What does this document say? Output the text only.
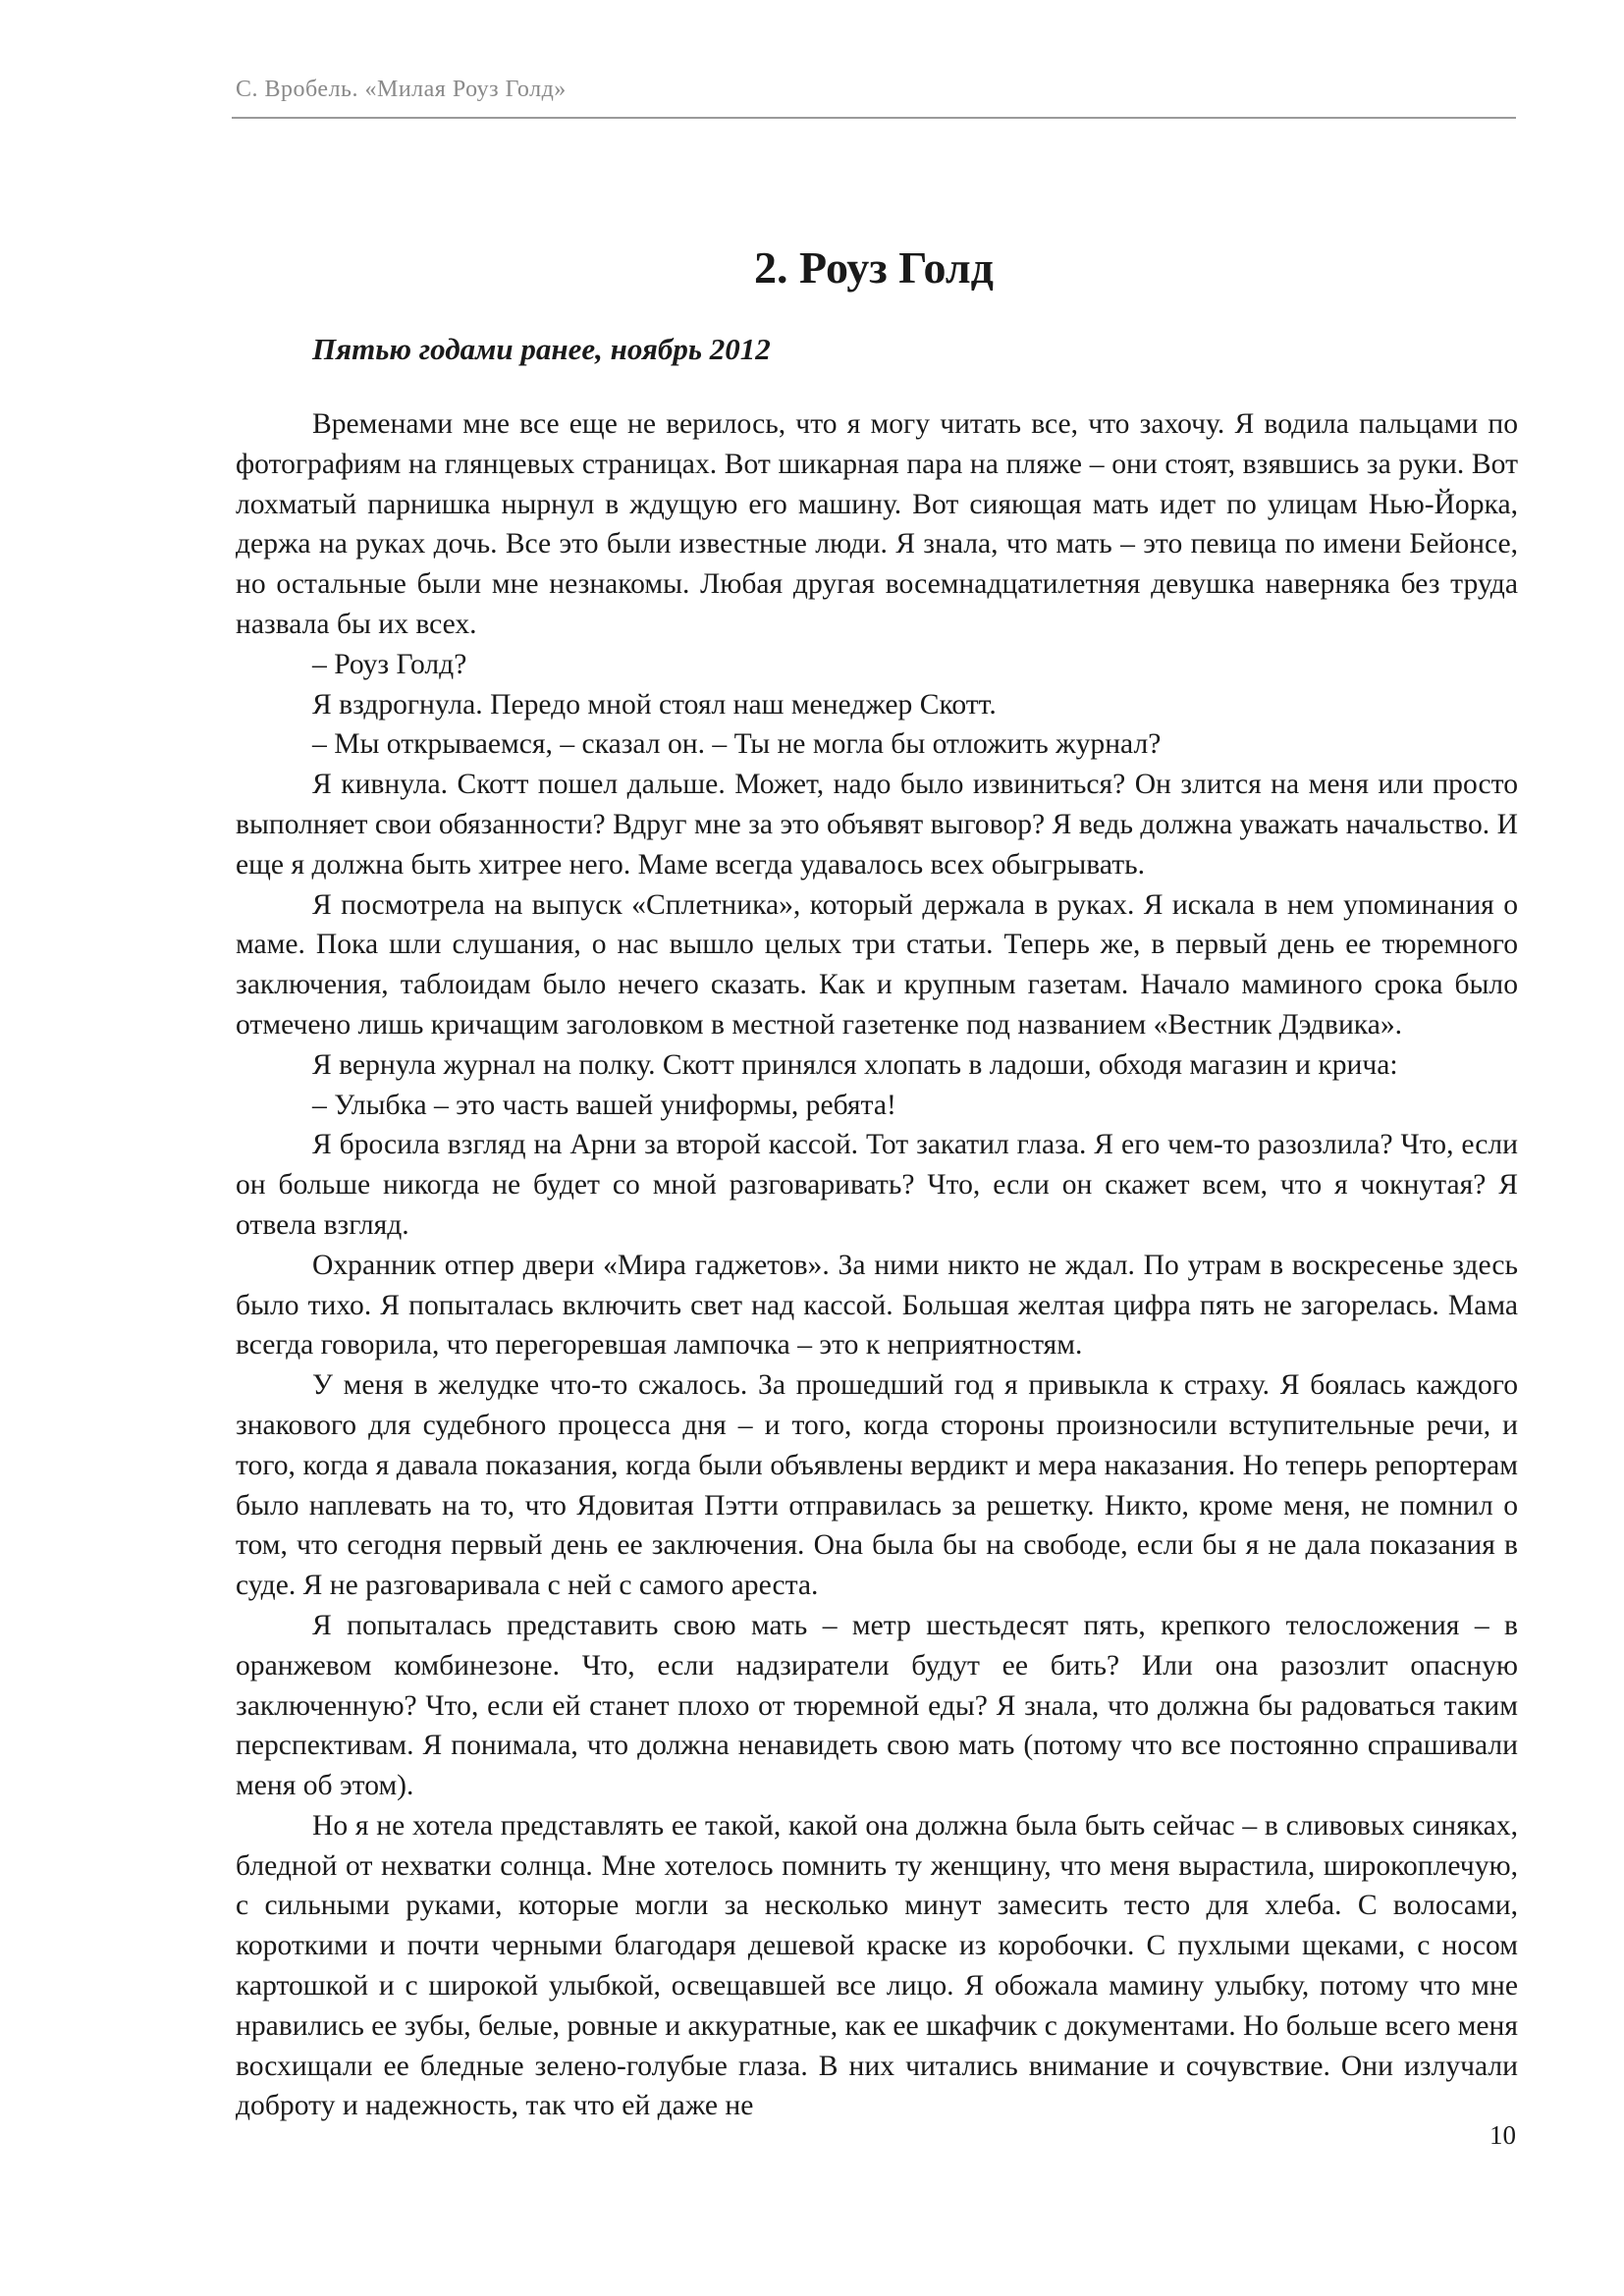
С. Вробель. «Милая Роуз Голд»
2. Роуз Голд
Пятью годами ранее, ноябрь 2012

Временами мне все еще не верилось, что я могу читать все, что захочу. Я водила пальцами по фотографиям на глянцевых страницах. Вот шикарная пара на пляже – они стоят, взявшись за руки. Вот лохматый парнишка нырнул в ждущую его машину. Вот сияющая мать идет по улицам Нью-Йорка, держа на руках дочь. Все это были известные люди. Я знала, что мать – это певица по имени Бейонсе, но остальные были мне незнакомы. Любая другая восемнадцатилетняя девушка наверняка без труда назвала бы их всех.

– Роуз Голд?

Я вздрогнула. Передо мной стоял наш менеджер Скотт.

– Мы открываемся, – сказал он. – Ты не могла бы отложить журнал?

Я кивнула. Скотт пошел дальше. Может, надо было извиниться? Он злится на меня или просто выполняет свои обязанности? Вдруг мне за это объявят выговор? Я ведь должна уважать начальство. И еще я должна быть хитрее него. Маме всегда удавалось всех обыгрывать.

Я посмотрела на выпуск «Сплетника», который держала в руках. Я искала в нем упоминания о маме. Пока шли слушания, о нас вышло целых три статьи. Теперь же, в первый день ее тюремного заключения, таблоидам было нечего сказать. Как и крупным газетам. Начало маминого срока было отмечено лишь кричащим заголовком в местной газетенке под названием «Вестник Дэдвика».

Я вернула журнал на полку. Скотт принялся хлопать в ладоши, обходя магазин и крича:

– Улыбка – это часть вашей униформы, ребята!

Я бросила взгляд на Арни за второй кассой. Тот закатил глаза. Я его чем-то разозлила? Что, если он больше никогда не будет со мной разговаривать? Что, если он скажет всем, что я чокнутая? Я отвела взгляд.

Охранник отпер двери «Мира гаджетов». За ними никто не ждал. По утрам в воскресенье здесь было тихо. Я попыталась включить свет над кассой. Большая желтая цифра пять не загорелась. Мама всегда говорила, что перегоревшая лампочка – это к неприятностям.

У меня в желудке что-то сжалось. За прошедший год я привыкла к страху. Я боялась каждого знакового для судебного процесса дня – и того, когда стороны произносили вступительные речи, и того, когда я давала показания, когда были объявлены вердикт и мера наказания. Но теперь репортерам было наплевать на то, что Ядовитая Пэтти отправилась за решетку. Никто, кроме меня, не помнил о том, что сегодня первый день ее заключения. Она была бы на свободе, если бы я не дала показания в суде. Я не разговаривала с ней с самого ареста.

Я попыталась представить свою мать – метр шестьдесят пять, крепкого телосложения – в оранжевом комбинезоне. Что, если надзиратели будут ее бить? Или она разозлит опасную заключенную? Что, если ей станет плохо от тюремной еды? Я знала, что должна бы радоваться таким перспективам. Я понимала, что должна ненавидеть свою мать (потому что все постоянно спрашивали меня об этом).

Но я не хотела представлять ее такой, какой она должна была быть сейчас – в сливовых синяках, бледной от нехватки солнца. Мне хотелось помнить ту женщину, что меня вырастила, широкоплечую, с сильными руками, которые могли за несколько минут замесить тесто для хлеба. С волосами, короткими и почти черными благодаря дешевой краске из коробочки. С пухлыми щеками, с носом картошкой и с широкой улыбкой, освещавшей все лицо. Я обожала мамину улыбку, потому что мне нравились ее зубы, белые, ровные и аккуратные, как ее шкафчик с документами. Но больше всего меня восхищали ее бледные зелено-голубые глаза. В них читались внимание и сочувствие. Они излучали доброту и надежность, так что ей даже не

10
